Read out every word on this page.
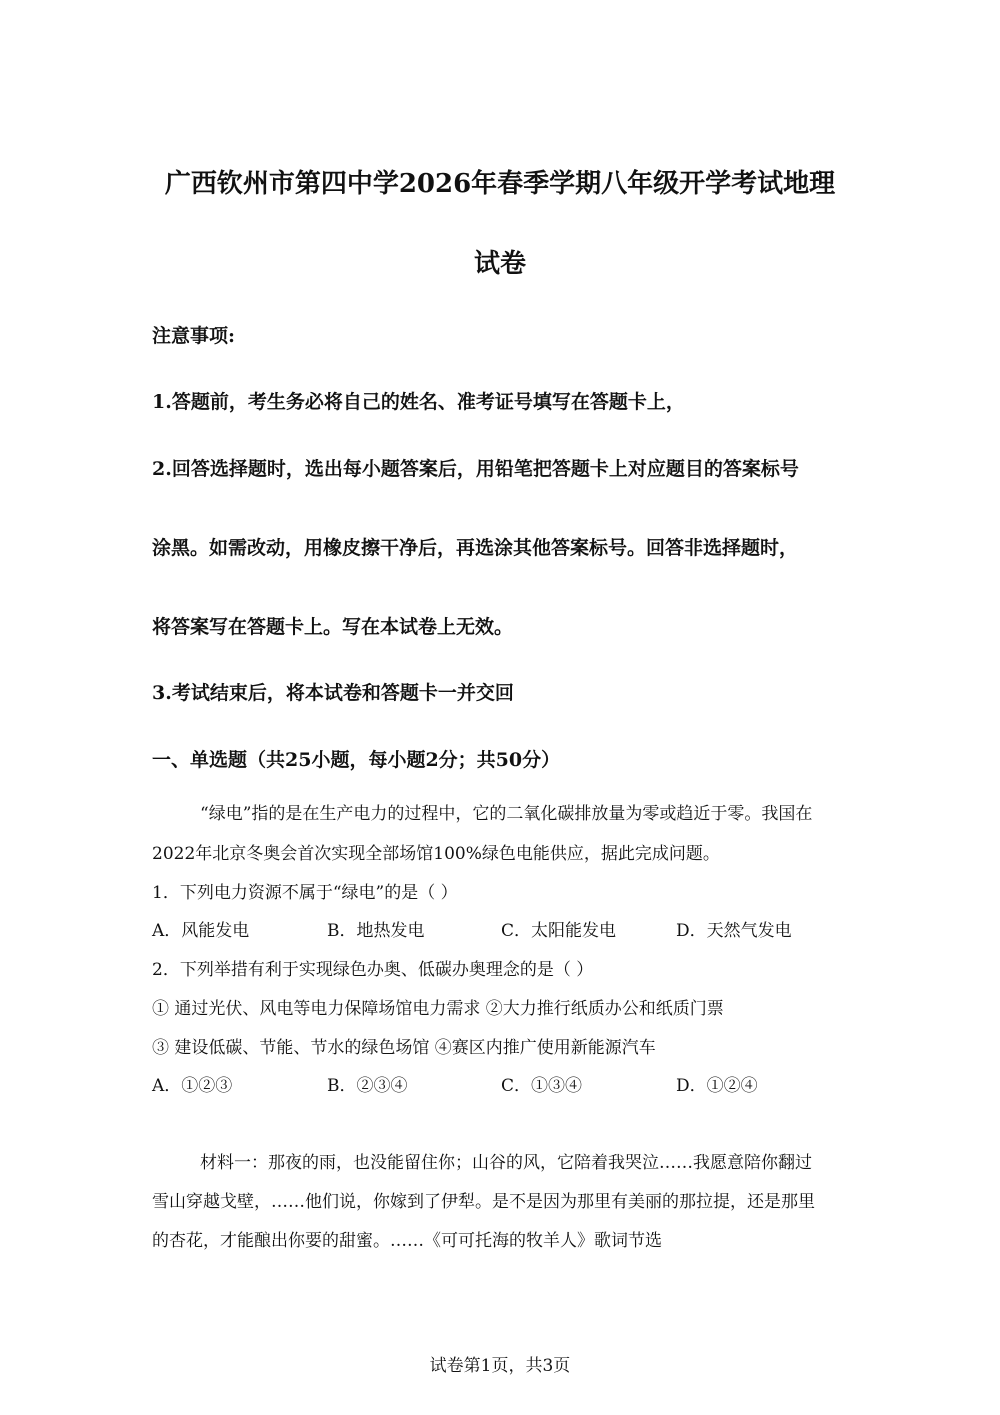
广西钦州市第四中学2026年春季学期八年级开学考试地理
试卷
注意事项:
1.答题前，考生务必将自己的姓名、准考证号填写在答题卡上，
2.回答选择题时，选出每小题答案后，用铅笔把答题卡上对应题目的答案标号
涂黑。如需改动，用橡皮擦干净后，再选涂其他答案标号。回答非选择题时，
将答案写在答题卡上。写在本试卷上无效。
3.考试结束后，将本试卷和答题卡一并交回
一、单选题（共25小题，每小题2分；共50分）
“绿电”指的是在生产电力的过程中，它的二氧化碳排放量为零或趋近于零。我国在
2022年北京冬奥会首次实现全部场馆100%绿色电能供应，据此完成问题。
1．下列电力资源不属于“绿电”的是（ ）
A．风能发电	B．地热发电	C．太阳能发电	D．天然气发电
2．下列举措有利于实现绿色办奥、低碳办奥理念的是（ ）
① 通过光伏、风电等电力保障场馆电力需求 ②大力推行纸质办公和纸质门票
③ 建设低碳、节能、节水的绿色场馆 ④赛区内推广使用新能源汽车
A．①②③	B．②③④	C．①③④	D．①②④
材料一：那夜的雨，也没能留住你；山谷的风，它陪着我哭泣……我愿意陪你翻过
雪山穿越戈壁，……他们说，你嫁到了伊犁。是不是因为那里有美丽的那拉提，还是那里
的杏花，才能酿出你要的甜蜜。……《可可托海的牧羊人》歌词节选
试卷第1页，共3页
